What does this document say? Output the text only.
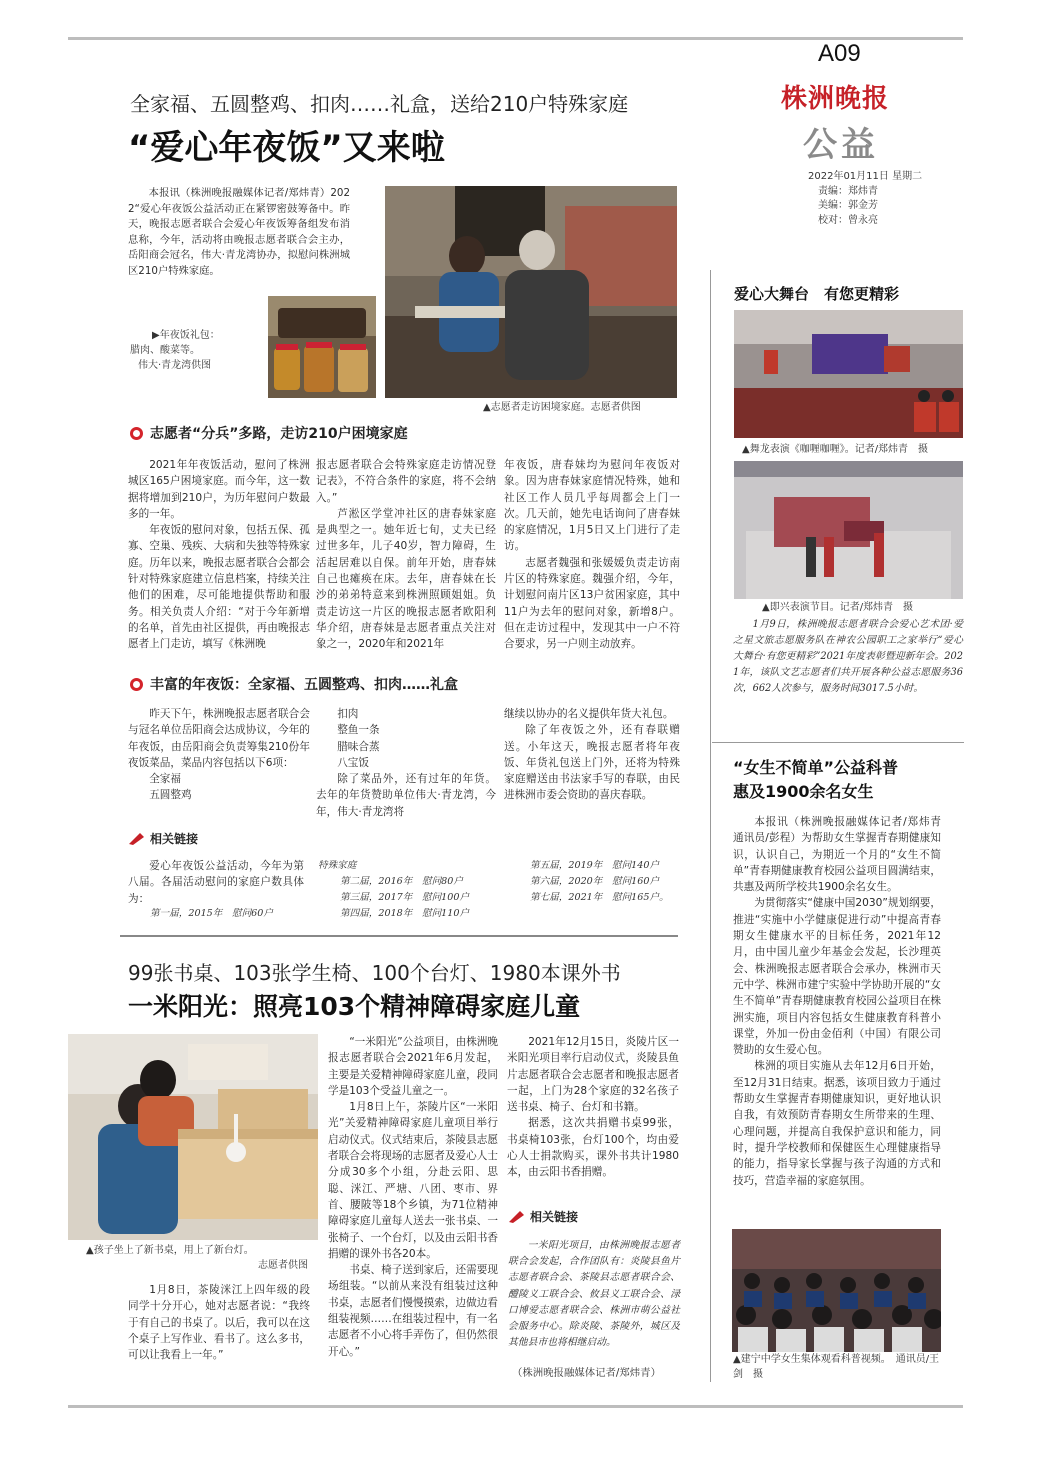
A09
株洲晚报
公益
2022年01月11日 星期二
责编：郑炜青
美编：郭金芳
校对：曾永亮
全家福、五圆整鸡、扣肉……礼盒，送给210户特殊家庭
“爱心年夜饭”又来啦

本报讯（株洲晚报融媒体记者/郑炜青）2022“爱心年夜饭公益活动正在紧锣密鼓筹备中。昨天，晚报志愿者联合会爱心年夜饭筹备组发布消息称，今年，活动将由晚报志愿者联合会主办，岳阳商会冠名，伟大·青龙湾协办，拟慰问株洲城区210户特殊家庭。

▶年夜饭礼包：
腊肉、酸菜等。
伟大·青龙湾供图
▲志愿者走访困境家庭。志愿者供图
志愿者“分兵”多路，走访210户困境家庭

2021年年夜饭活动，慰问了株洲城区165户困境家庭。而今年，这一数据将增加到210户，为历年慰问户数最多的一年。

年夜饭的慰问对象，包括五保、孤寡、空巢、残疾、大病和失独等特殊家庭。历年以来，晚报志愿者联合会都会针对特殊家庭建立信息档案，持续关注他们的困难，尽可能地提供帮助和服务。相关负责人介绍：“对于今年新增的名单，首先由社区提供，再由晚报志愿者上门走访，填写《株洲晚

报志愿者联合会特殊家庭走访情况登记表》，不符合条件的家庭，将不会纳入。”

芦淞区学堂冲社区的唐春妹家庭是典型之一。她年近七旬，丈夫已经过世多年，儿子40岁，智力障碍，生活起居难以自保。前年开始，唐春妹自己也瘫痪在床。去年，唐春妹在长沙的弟弟特意来到株洲照顾姐姐。负责走访这一片区的晚报志愿者欧阳利华介绍，唐春妹是志愿者重点关注对象之一，2020年和2021年

年夜饭，唐春妹均为慰问年夜饭对象。因为唐春妹家庭情况特殊，她和社区工作人员几乎每周都会上门一次。几天前，她先电话询问了唐春妹的家庭情况，1月5日又上门进行了走访。

志愿者魏强和张媛媛负责走访南片区的特殊家庭。魏强介绍，今年，计划慰问南片区13户贫困家庭，其中11户为去年的慰问对象，新增8户。但在走访过程中，发现其中一户不符合要求，另一户则主动放弃。

丰富的年夜饭：全家福、五圆整鸡、扣肉……礼盒

昨天下午，株洲晚报志愿者联合会与冠名单位岳阳商会达成协议，今年的年夜饭，由岳阳商会负责筹集210份年夜饭菜品，菜品内容包括以下6项：

全家福

五圆整鸡

扣肉

整鱼一条

腊味合蒸

八宝饭

除了菜品外，还有过年的年货。去年的年货赞助单位伟大·青龙湾，今年，伟大·青龙湾将

继续以协办的名义提供年货大礼包。

除了年夜饭之外，还有春联赠送。小年这天，晚报志愿者将年夜饭、年货礼包送上门外，还将为特殊家庭赠送由书法家手写的春联，由民进株洲市委会资助的喜庆春联。

相关链接

爱心年夜饭公益活动，今年为第八届。各届活动慰问的家庭户数具体为：

第一届，2015年　慰问60户
特殊家庭
第二届，2016年　慰问80户
第三届，2017年　慰问100户
第四届，2018年　慰问110户
第五届，2019年　慰问140户
第六届，2020年　慰问160户
第七届，2021年　慰问165户。
99张书桌、103张学生椅、100个台灯、1980本课外书
一米阳光：照亮103个精神障碍家庭儿童
▲孩子坐上了新书桌，用上了新台灯。
志愿者供图

1月8日，茶陵洣江上四年级的段同学十分开心，她对志愿者说：“我终于有自己的书桌了。以后，我可以在这个桌子上写作业、看书了。这么多书，可以让我看上一年。”

“一米阳光”公益项目，由株洲晚报志愿者联合会2021年6月发起，主要是关爱精神障碍家庭儿童，段同学是103个受益儿童之一。

1月8日上午，茶陵片区“一米阳光”关爱精神障碍家庭儿童项目举行启动仪式。仪式结束后，茶陵县志愿者联合会将现场的志愿者及爱心人士分成30多个小组，分赴云阳、思聪、洣江、严塘、八团、枣市、界首、腰陂等18个乡镇，为71位精神障碍家庭儿童每人送去一张书桌、一张椅子、一个台灯，以及由云阳书香捐赠的课外书各20本。

书桌、椅子送到家后，还需要现场组装。“以前从来没有组装过这种书桌，志愿者们慢慢摸索，边做边看组装视频……在组装过程中，有一名志愿者不小心将手弄伤了，但仍然很开心。”

2021年12月15日，炎陵片区一米阳光项目率行启动仪式，炎陵县鱼片志愿者联合会志愿者和晚报志愿者一起，上门为28个家庭的32名孩子送书桌、椅子、台灯和书籍。

据悉，这次共捐赠书桌99张，书桌椅103张，台灯100个，均由爱心人士捐款购买，课外书共计1980本，由云阳书香捐赠。

相关链接

一米阳光项目，由株洲晚报志愿者联合会发起，合作团队有：炎陵县鱼片志愿者联合会、茶陵县志愿者联合会、醴陵义工联合会、攸县义工联合会、渌口博爱志愿者联合会、株洲市萌公益社会服务中心。除炎陵、茶陵外，城区及其他县市也将相继启动。

（株洲晚报融媒体记者/郑炜青）
爱心大舞台　有您更精彩
▲舞龙表演《咖喱咖喱》。记者/郑炜青　摄
▲即兴表演节目。记者/郑炜青　摄

1月9日，株洲晚报志愿者联合会爱心艺术团·爱之星文旅志愿服务队在神农公园职工之家举行“爱心大舞台·有您更精彩”2021年度表彰暨迎新年会。2021年，该队文艺志愿者们共开展各种公益志愿服务36次，662人次参与，服务时间3017.5小时。

“女生不简单”公益科普
惠及1900余名女生

本报讯（株洲晚报融媒体记者/郑炜青　通讯员/彭程）为帮助女生掌握青春期健康知识，认识自己，为期近一个月的“女生不简单”青春期健康教育校园公益项目圆满结束，共惠及两所学校共1900余名女生。

为贯彻落实“健康中国2030”规划纲要，推进“实施中小学健康促进行动”中提高青春期女生健康水平的目标任务，2021年12月，由中国儿童少年基金会发起，长沙理英会、株洲晚报志愿者联合会承办，株洲市天元中学、株洲市建宁实验中学协助开展的“女生不简单”青春期健康教育校园公益项目在株洲实施，项目内容包括女生健康教育科普小课堂，外加一份由金佰利（中国）有限公司赞助的女生爱心包。

株洲的项目实施从去年12月6日开始，至12月31日结束。据悉，该项目致力于通过帮助女生掌握青春期健康知识，更好地认识自我，有效预防青春期女生所带来的生理、心理问题，并提高自我保护意识和能力，同时，提升学校教师和保健医生心理健康指导的能力，指导家长掌握与孩子沟通的方式和技巧，营造幸福的家庭氛围。

▲建宁中学女生集体观看科普视频。　通讯员/王剑　摄
